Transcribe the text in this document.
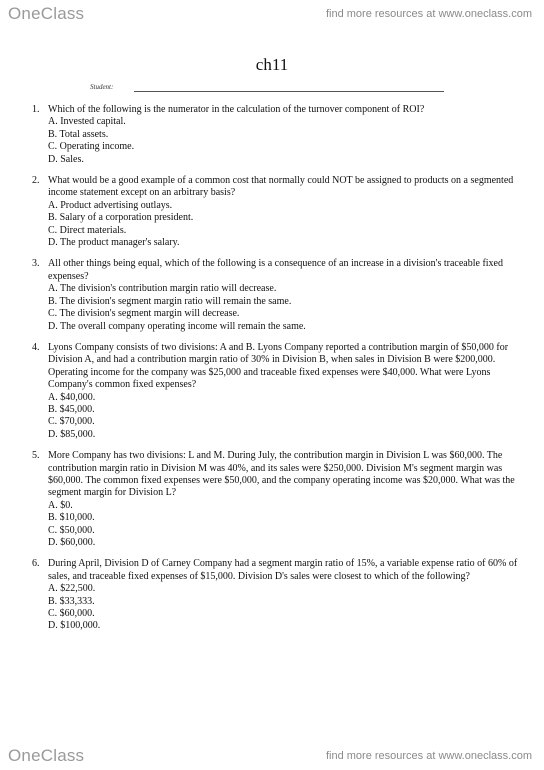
OneClass	find more resources at www.oneclass.com
ch11
Student:
1. Which of the following is the numerator in the calculation of the turnover component of ROI?
A. Invested capital.
B. Total assets.
C. Operating income.
D. Sales.
2. What would be a good example of a common cost that normally could NOT be assigned to products on a segmented income statement except on an arbitrary basis?
A. Product advertising outlays.
B. Salary of a corporation president.
C. Direct materials.
D. The product manager's salary.
3. All other things being equal, which of the following is a consequence of an increase in a division's traceable fixed expenses?
A. The division's contribution margin ratio will decrease.
B. The division's segment margin ratio will remain the same.
C. The division's segment margin will decrease.
D. The overall company operating income will remain the same.
4. Lyons Company consists of two divisions: A and B. Lyons Company reported a contribution margin of $50,000 for Division A, and had a contribution margin ratio of 30% in Division B, when sales in Division B were $200,000. Operating income for the company was $25,000 and traceable fixed expenses were $40,000. What were Lyons Company's common fixed expenses?
A. $40,000.
B. $45,000.
C. $70,000.
D. $85,000.
5. More Company has two divisions: L and M. During July, the contribution margin in Division L was $60,000. The contribution margin ratio in Division M was 40%, and its sales were $250,000. Division M's segment margin was $60,000. The common fixed expenses were $50,000, and the company operating income was $20,000. What was the segment margin for Division L?
A. $0.
B. $10,000.
C. $50,000.
D. $60,000.
6. During April, Division D of Carney Company had a segment margin ratio of 15%, a variable expense ratio of 60% of sales, and traceable fixed expenses of $15,000. Division D's sales were closest to which of the following?
A. $22,500.
B. $33,333.
C. $60,000.
D. $100,000.
OneClass	find more resources at www.oneclass.com
